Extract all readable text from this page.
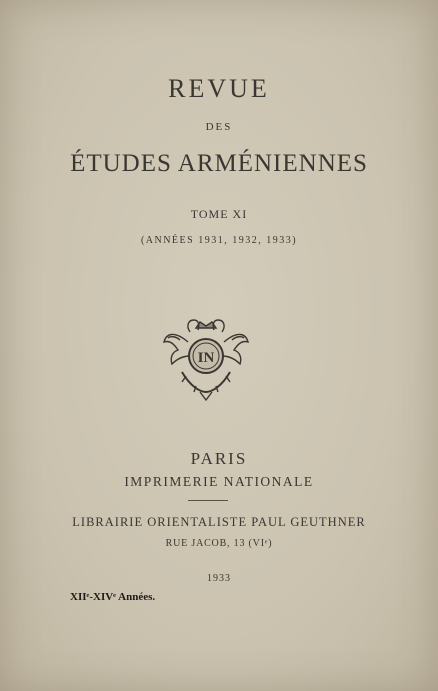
REVUE
DES
ÉTUDES ARMÉNIENNES
TOME XI
(ANNÉES 1931, 1932, 1933)
IN
PARIS
IMPRIMERIE NATIONALE
LIBRAIRIE ORIENTALISTE PAUL GEUTHNER
RUE JACOB, 13 (VIᵉ)
1933
XIIᵉ-XIVᵉ Années.
